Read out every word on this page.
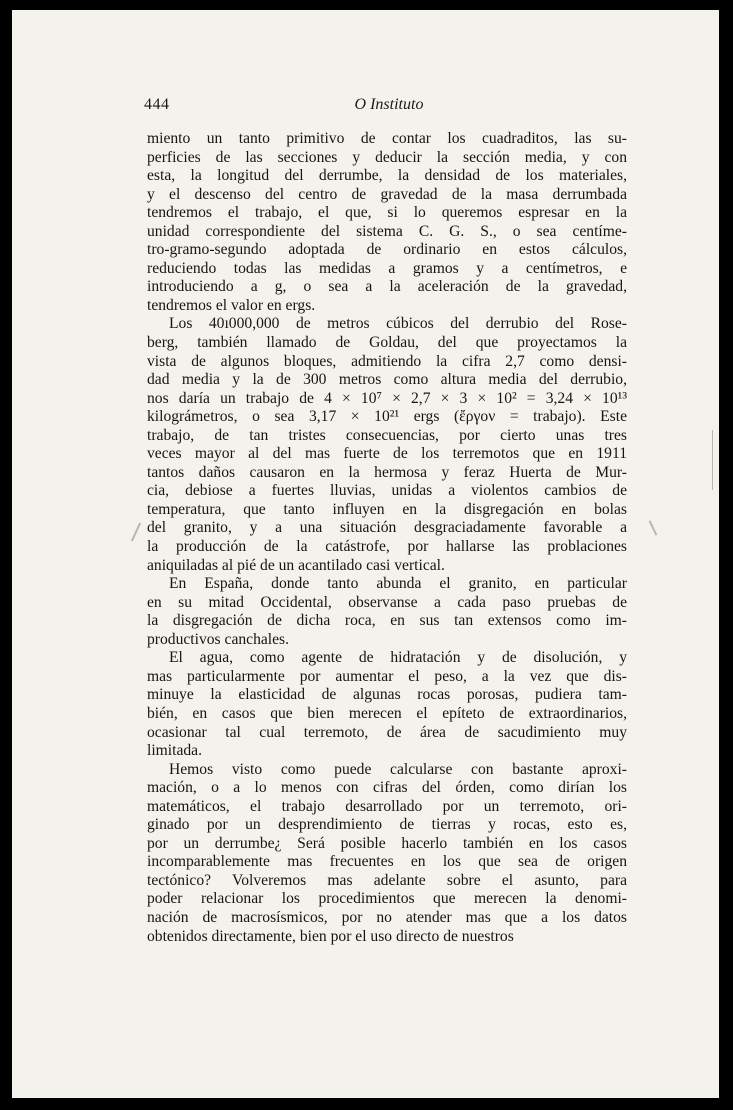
444	O Instituto
miento un tanto primitivo de contar los cuadraditos, las su-
perficies de las secciones y deducir la sección media, y con
esta, la longitud del derrumbe, la densidad de los materiales,
y el descenso del centro de gravedad de la masa derrumbada
tendremos el trabajo, el que, si lo queremos espresar en la
unidad correspondiente del sistema C. G. S., o sea centíme-
tro-gramo-segundo adoptada de ordinario en estos cálculos,
reduciendo todas las medidas a gramos y a centímetros, e
introduciendo a g, o sea a la aceleración de la gravedad,
tendremos el valor en ergs.
Los 40ı000,000 de metros cúbicos del derrubio del Rose-
berg, también llamado de Goldau, del que proyectamos la
vista de algunos bloques, admitiendo la cifra 2,7 como densi-
dad media y la de 300 metros como altura media del derrubio,
nos daría un trabajo de 4 × 10⁷ × 2,7 × 3 × 10² = 3,24 × 10¹³
kilográmetros, o sea 3,17 × 10²¹ ergs (ἔργον = trabajo). Este
trabajo, de tan tristes consecuencias, por cierto unas tres
veces mayor al del mas fuerte de los terremotos que en 1911
tantos daños causaron en la hermosa y feraz Huerta de Mur-
cia, debiose a fuertes lluvias, unidas a violentos cambios de
temperatura, que tanto influyen en la disgregación en bolas
del granito, y a una situación desgraciadamente favorable a
la producción de la catástrofe, por hallarse las problaciones
aniquiladas al pié de un acantilado casi vertical.
En España, donde tanto abunda el granito, en particular
en su mitad Occidental, observanse a cada paso pruebas de
la disgregación de dicha roca, en sus tan extensos como im-
productivos canchales.
El agua, como agente de hidratación y de disolución, y
mas particularmente por aumentar el peso, a la vez que dis-
minuye la elasticidad de algunas rocas porosas, pudiera tam-
bién, en casos que bien merecen el epíteto de extraordinarios,
ocasionar tal cual terremoto, de área de sacudimiento muy
limitada.
Hemos visto como puede calcularse con bastante aproxi-
mación, o a lo menos con cifras del órden, como dirían los
matemáticos, el trabajo desarrollado por un terremoto, ori-
ginado por un desprendimiento de tierras y rocas, esto es,
por un derrumbe¿ Será posible hacerlo también en los casos
incomparablemente mas frecuentes en los que sea de origen
tectónico? Volveremos mas adelante sobre el asunto, para
poder relacionar los procedimientos que merecen la denomi-
nación de macrosísmicos, por no atender mas que a los datos
obtenidos directamente, bien por el uso directo de nuestros
